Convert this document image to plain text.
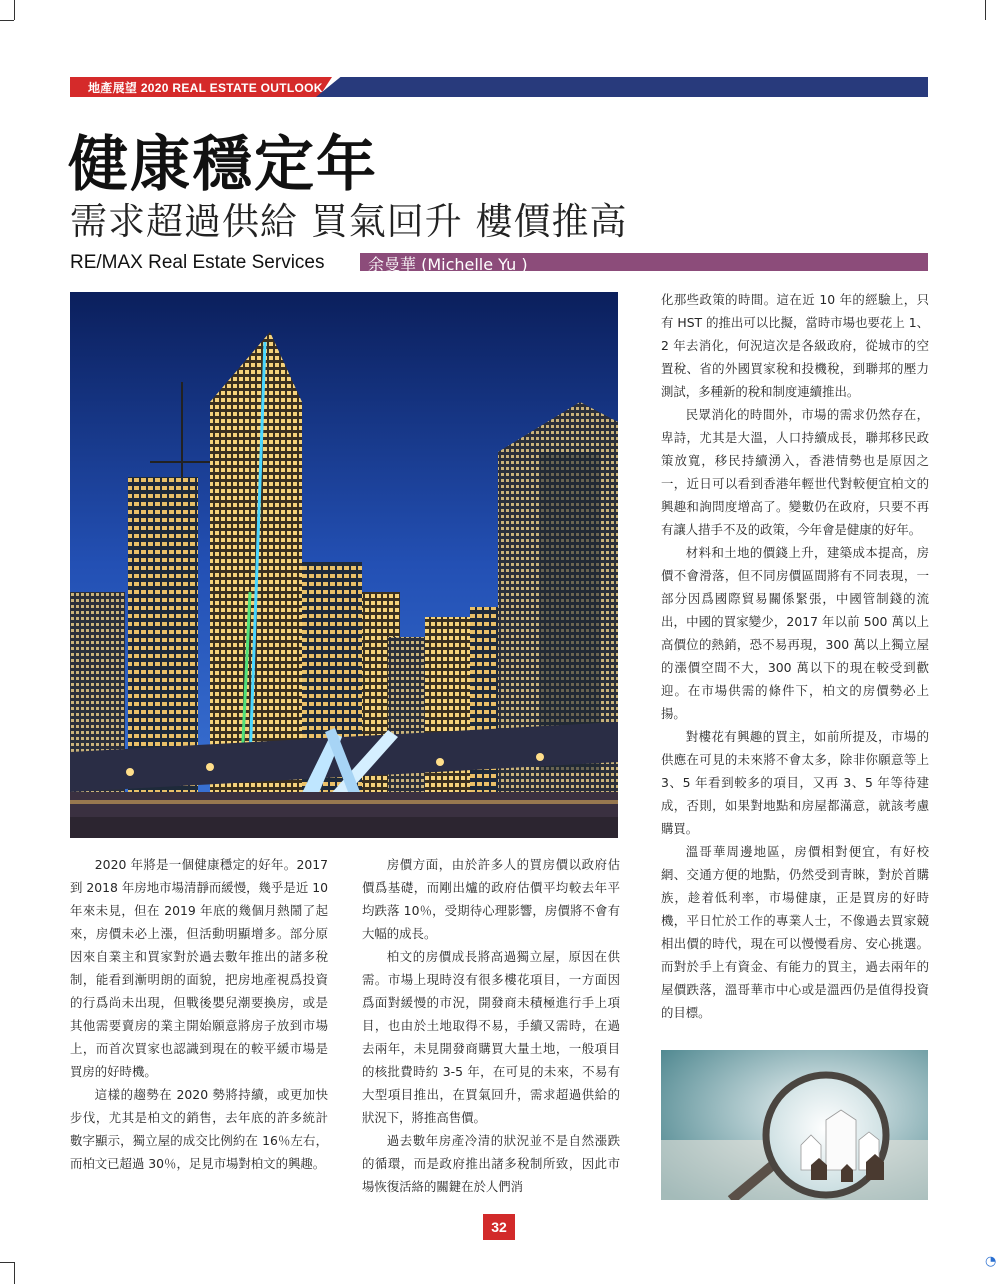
地產展望 2020 REAL ESTATE OUTLOOK
健康穩定年
需求超過供給 買氣回升 樓價推高
RE/MAX Real Estate Services	余曼華 (Michelle Yu )

2020 年將是一個健康穩定的好年。2017 到 2018 年房地市場清靜而緩慢，幾乎是近 10 年來未見，但在 2019 年底的幾個月熱鬧了起來，房價未必上漲，但活動明顯增多。部分原因來自業主和買家對於過去數年推出的諸多稅制，能看到漸明朗的面貌，把房地產視爲投資的行爲尚未出現，但戰後嬰兒潮要換房，或是其他需要賣房的業主開始願意將房子放到市場上，而首次買家也認識到現在的較平緩市場是買房的好時機。

這樣的趨勢在 2020 勢將持續，或更加快步伐，尤其是柏文的銷售，去年底的許多統計數字顯示，獨立屋的成交比例約在 16％左右，而柏文已超過 30％，足見市場對柏文的興趣。

房價方面，由於許多人的買房價以政府估價爲基礎，而剛出爐的政府估價平均較去年平均跌落 10％，受期待心理影響，房價將不會有大幅的成長。

柏文的房價成長將高過獨立屋，原因在供需。市場上現時沒有很多樓花項目，一方面因爲面對緩慢的市況，開發商未積極進行手上項目，也由於土地取得不易，手續又需時，在過去兩年，未見開發商購買大量土地，一般項目的核批費時約 3-5 年，在可見的未來，不易有大型項目推出，在買氣回升，需求超過供給的狀況下，將推高售價。

過去數年房產冷清的狀況並不是自然漲跌的循環，而是政府推出諸多稅制所致，因此市場恢復活絡的關鍵在於人們消

化那些政策的時間。這在近 10 年的經驗上，只有 HST 的推出可以比擬，當時市場也要花上 1、2 年去消化，何況這次是各級政府，從城市的空置稅、省的外國買家稅和投機稅，到聯邦的壓力測試，多種新的稅和制度連續推出。

民眾消化的時間外，市場的需求仍然存在，卑詩，尤其是大溫，人口持續成長，聯邦移民政策放寬，移民持續湧入，香港情勢也是原因之一，近日可以看到香港年輕世代對較便宜柏文的興趣和詢問度增高了。變數仍在政府，只要不再有讓人措手不及的政策，今年會是健康的好年。

材料和土地的價錢上升，建築成本提高，房價不會滑落，但不同房價區間將有不同表現，一部分因爲國際貿易關係緊張，中國管制錢的流出，中國的買家變少，2017 年以前 500 萬以上高價位的熱銷，恐不易再現，300 萬以上獨立屋的漲價空間不大，300 萬以下的現在較受到歡迎。在市場供需的條件下，柏文的房價勢必上揚。

對樓花有興趣的買主，如前所提及，市場的供應在可見的未來將不會太多，除非你願意等上 3、5 年看到較多的項目，又再 3、5 年等待建成，否則，如果對地點和房屋都滿意，就該考慮購買。

溫哥華周邊地區，房價相對便宜，有好校網、交通方便的地點，仍然受到青睞，對於首購族，趁着低利率，市場健康，正是買房的好時機，平日忙於工作的專業人士，不像過去買家競相出價的時代，現在可以慢慢看房、安心挑選。而對於手上有資金、有能力的買主，過去兩年的屋價跌落，溫哥華市中心或是溫西仍是值得投資的目標。

32
◔
